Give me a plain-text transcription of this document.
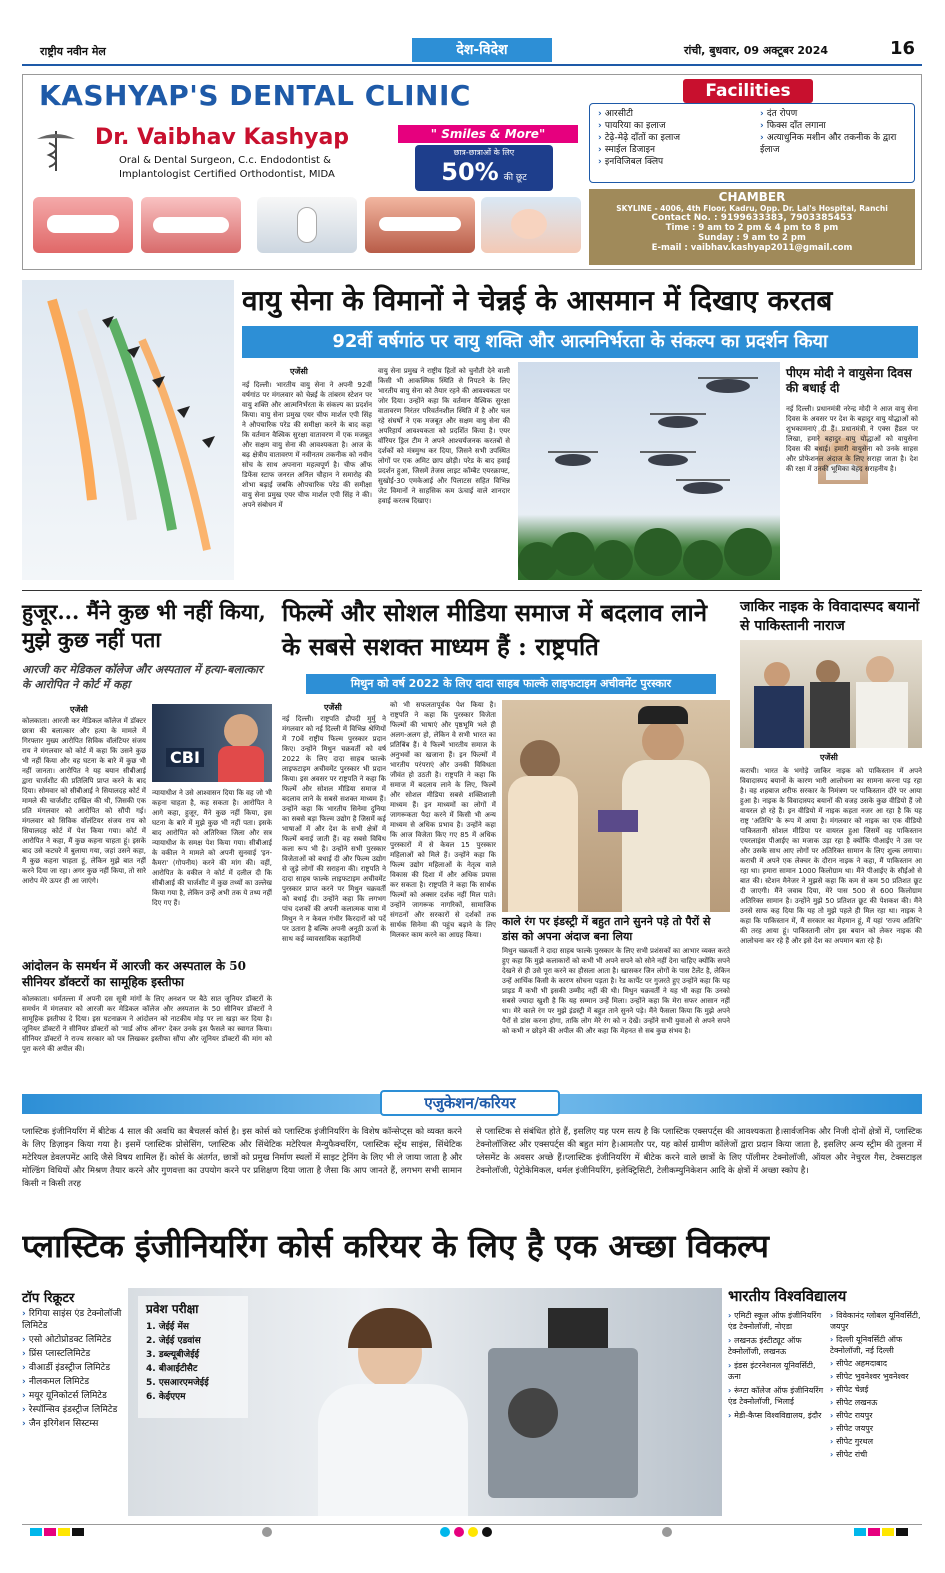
राष्ट्रीय नवीन मेल	देश-विदेश	रांची, बुधवार, 09 अक्टूबर 2024	16
KASHYAP'S DENTAL CLINIC
Dr. Vaibhav Kashyap
Oral & Dental Surgeon, C.c. Endodontist &
Implantologist Certified Orthodontist, MIDA
" Smiles & More"
छात्र-छात्राओं के लिए
50% की छूट
Facilities
› आरसीटी
› पायरिया का इलाज
› टेढ़े-मेढ़े दाँतों का इलाज
› स्माईल डिजाइन
› इनविजिबल क्लिप
› दंत रोपण
› फिक्स दाँत लगाना
› अत्याधुनिक मशीन और तकनीक के द्वारा ईलाज
CHAMBER
SKYLINE - 4006, 4th Floor, Kadru, Opp. Dr. Lal's Hospital, Ranchi
Contact No. : 9199633383, 7903385453
Time : 9 am to 2 pm & 4 pm to 8 pm
Sunday : 9 am to 2 pm
E-mail : vaibhav.kashyap2011@gmail.com
वायु सेना के विमानों ने चेन्नई के आसमान में दिखाए करतब
92वीं वर्षगांठ पर वायु शक्ति और आत्मनिर्भरता के संकल्प का प्रदर्शन किया
एजेंसी
नई दिल्ली। भारतीय वायु सेना ने अपनी 92वीं वर्षगांठ पर मंगलवार को चेन्नई के तांबरम स्टेशन पर वायु शक्ति और आत्मनिर्भरता के संकल्प का प्रदर्शन किया। वायु सेना प्रमुख एयर चीफ मार्शल एपी सिंह ने औपचारिक परेड की समीक्षा करने के बाद कहा कि वर्तमान वैश्विक सुरक्षा वातावरण में एक मजबूत और सक्षम वायु सेना की आवश्यकता है। आज के बढ़ क्षेत्रीय वातावरण में नवीनतम तकनीक को नवीन सोच के साथ अपनाना महत्वपूर्ण है। चीफ ऑफ डिफेंस स्टाफ जनरल अनिल चौहान ने समारोह की शोभा बढ़ाई जबकि औपचारिक परेड की समीक्षा वायु सेना प्रमुख एयर चीफ मार्शल एपी सिंह ने की। अपने संबोधन में
वायु सेना प्रमुख ने राष्ट्रीय हितों को चुनौती देने वाली किसी भी आकस्मिक स्थिति से निपटने के लिए भारतीय वायु सेना को तैयार रहने की आवश्यकता पर जोर दिया। उन्होंने कहा कि वर्तमान वैश्विक सुरक्षा वातावरण निरंतर परिवर्तनशील स्थिति में है और चल रहे संघर्षों ने एक मजबूत और सक्षम वायु सेना की अपरिहार्य आवश्यकता को प्रदर्शित किया है। एयर वॉरियर ड्रिल टीम ने अपने आश्चर्यजनक करतबों से दर्शकों को मंत्रमुग्ध कर दिया, जिसने सभी उपस्थित लोगों पर एक अमिट छाप छोड़ी। परेड के बाद हवाई प्रदर्शन हुआ, जिसमें तेजस लाइट कॉम्बैट एयरक्राफ्ट, सुखोई-30 एमकेआई और पिलाटस सहित विभिन्न जेट विमानों ने साहसिक कम ऊंचाई वाले शानदार हवाई करतब दिखाए।
पीएम मोदी ने वायुसेना दिवस की बधाई दी
नई दिल्ली। प्रधानमंत्री नरेन्द्र मोदी ने आज वायु सेना दिवस के अवसर पर देश के बहादुर वायु योद्धाओं को शुभकामनाएं दी हैं। प्रधानमंत्री ने एक्स हैंडल पर लिखा, हमारे बहादुर वायु योद्धाओं को वायुसेना दिवस की बधाई। हमारी वायुसेना को उनके साहस और प्रोफेशनल अंदाज के लिए सराहा जाता है। देश की रक्षा में उनकी भूमिका बेहद सराहनीय है।
हुजूर... मैंने कुछ भी नहीं किया, मुझे कुछ नहीं पता
आरजी कर मेडिकल कॉलेज और अस्पताल में हत्या-बलात्कार के आरोपित ने कोर्ट में कहा
एजेंसी
कोलकाता। आरजी कर मेडिकल कॉलेज में डॉक्टर छात्रा की बलात्कार और हत्या के मामले में गिरफ्तार मुख्य आरोपित सिविक वॉलंटियर संजय राय ने मंगलवार को कोर्ट में कहा कि उसने कुछ भी नहीं किया और वह घटना के बारे में कुछ भी नहीं जानता। आरोपित ने यह बयान सीबीआई द्वारा चार्जशीट की प्रतिलिपि प्राप्त करने के बाद दिया। सोमवार को सीबीआई ने सियालदह कोर्ट में मामले की चार्जशीट दाखिल की थी, जिसकी एक प्रति मंगलवार को आरोपित को सौंपी गई। मंगलवार को सिविक वॉलंटियर संजय राय को सियालदह कोर्ट में पेश किया गया। कोर्ट में आरोपित ने कहा, मैं कुछ कहना चाहता हूं। इसके बाद उसे कटघरे में बुलाया गया, जहां उसने कहा, मैं कुछ कहना चाहता हूं, लेकिन मुझे बात नहीं करने दिया जा रहा। अगर कुछ नहीं किया, तो सारे आरोप मेरे ऊपर ही आ जाएंगे।
CBI
न्यायाधीश ने उसे आश्वासन दिया कि वह जो भी कहना चाहता है, कह सकता है। आरोपित ने आगे कहा, हुजूर, मैंने कुछ नहीं किया, इस घटना के बारे में मुझे कुछ भी नहीं पता। इसके बाद आरोपित को अतिरिक्त जिला और सत्र न्यायाधीश के समक्ष पेश किया गया। सीबीआई के वकील ने मामले को अपनी सुनवाई 'इन-कैमरा' (गोपनीय) करने की मांग की। वहीं, आरोपित के वकील ने कोर्ट में दलील दी कि सीबीआई की चार्जशीट में कुछ तथ्यों का उल्लेख किया गया है, लेकिन उन्हें अभी तक ये तथ्य नहीं दिए गए हैं।
आंदोलन के समर्थन में आरजी कर अस्पताल के 50 सीनियर डॉक्टरों का सामूहिक इस्तीफा
कोलकाता। धर्मतल्ला में अपनी दस सूत्री मांगों के लिए अनशन पर बैठे सात जूनियर डॉक्टरों के समर्थन में मंगलवार को आरजी कर मेडिकल कॉलेज और अस्पताल के 50 सीनियर डॉक्टरों ने सामूहिक इस्तीफा दे दिया। इस घटनाक्रम ने आंदोलन को नाटकीय मोड़ पर ला खड़ा कर दिया है। जूनियर डॉक्टरों ने सीनियर डॉक्टरों को 'मार्ड ऑफ ऑनर' देकर उनके इस फैसले का स्वागत किया। सीनियर डॉक्टरों ने राज्य सरकार को पत्र लिखकर इस्तीफा सौंपा और जूनियर डॉक्टरों की मांग को पूरा करने की अपील की।
फिल्में और सोशल मीडिया समाज में बदलाव लाने के सबसे सशक्त माध्यम हैं : राष्ट्रपति
मिथुन को वर्ष 2022 के लिए दादा साहब फाल्के लाइफटाइम अचीवमेंट पुरस्कार
एजेंसी
नई दिल्ली। राष्ट्रपति द्रौपदी मुर्मु ने मंगलवार को नई दिल्ली में विभिन्न श्रेणियों में 70वें राष्ट्रीय फिल्म पुरस्कार प्रदान किए। उन्होंने मिथुन चक्रवर्ती को वर्ष 2022 के लिए दादा साहब फाल्के लाइफटाइम अचीवमेंट पुरस्कार भी प्रदान किया। इस अवसर पर राष्ट्रपति ने कहा कि फिल्में और सोशल मीडिया समाज में बदलाव लाने के सबसे सशक्त माध्यम हैं। उन्होंने कहा कि भारतीय सिनेमा दुनिया का सबसे बड़ा फिल्म उद्योग है जिसमें कई भाषाओं में और देश के सभी क्षेत्रों में फिल्में बनाई जाती हैं। वह सबसे विविध कला रूप भी है। उन्होंने सभी पुरस्कार विजेताओं को बधाई दी और फिल्म उद्योग से जुड़े लोगों की सराहना की। राष्ट्रपति ने दादा साहब फाल्के लाइफटाइम अचीवमेंट पुरस्कार प्राप्त करने पर मिथुन चक्रवर्ती को बधाई दी। उन्होंने कहा कि लगभग पांच दशकों की अपनी कलात्मक यात्रा में मिथुन ने न केवल गंभीर किरदारों को पर्दे पर उतारा है बल्कि अपनी अनूठी ऊर्जा के साथ कई व्यावसायिक कहानियों
को भी सफलतापूर्वक पेश किया है। राष्ट्रपति ने कहा कि पुरस्कार विजेता फिल्मों की भाषाएं और पृष्ठभूमि भले ही अलग-अलग हो, लेकिन वे सभी भारत का प्रतिबिंब हैं। ये फिल्में भारतीय समाज के अनुभवों का खजाना हैं। इन फिल्मों में भारतीय परंपराएं और उनकी विविधता जीवंत हो उठती है। राष्ट्रपति ने कहा कि समाज में बदलाव लाने के लिए, फिल्में और सोशल मीडिया सबसे शक्तिशाली माध्यम हैं। इन माध्यमों का लोगों में जागरूकता पैदा करने में किसी भी अन्य माध्यम से अधिक प्रभाव है। उन्होंने कहा कि आज विजेता किए गए 85 में अधिक पुरस्कारों में से केवल 15 पुरस्कार महिलाओं को मिले हैं। उन्होंने कहा कि फिल्म उद्योग महिलाओं के नेतृत्व वाले विकास की दिशा में और अधिक प्रयास कर सकता है। राष्ट्रपति ने कहा कि सार्थक फिल्मों को अक्सर दर्शक नहीं मिल पाते। उन्होंने जागरूक नागरिकों, सामाजिक संगठनों और सरकारों से दर्शकों तक सार्थक सिनेमा की पहुंच बढ़ाने के लिए मिलकर काम करने का आग्रह किया।
काले रंग पर इंडस्ट्री में बहुत ताने सुनने पड़े तो पैरों से डांस को अपना अंदाज बना लिया
मिथुन चक्रवर्ती ने दादा साहब फाल्के पुरस्कार के लिए सभी प्रशंसकों का आभार व्यक्त करते हुए कहा कि मुझे कलाकारों को कभी भी अपने सपने को सोने नहीं देना चाहिए क्योंकि सपने देखने से ही उसे पूरा करने का हौसला आता है। खासकर जिन लोगों के पास टैलेंट है, लेकिन उन्हें आर्थिक किसी के कारण सोचना पड़ता है। रेड कार्पेट पर गुजरते हुए उन्होंने कहा कि यह प्राइड मैं कभी भी इसकी उम्मीद नहीं की थी। मिथुन चक्रवर्ती ने यह भी कहा कि उनको सबसे ज्यादा खुशी है कि यह सम्मान उन्हें मिला। उन्होंने कहा कि मेरा सफर आसान नहीं था। मेरे काले रंग पर मुझे इंडस्ट्री में बहुत ताने सुनने पड़े। मैंने फैसला किया कि मुझे अपने पैरों से डांस करना होगा, ताकि लोग मेरे रंग को न देखें। उन्होंने सभी युवाओं से अपने सपने को कभी न छोड़ने की अपील की और कहा कि मेहनत से सब कुछ संभव है।
जाकिर नाइक के विवादास्पद बयानों से पाकिस्तानी नाराज
एजेंसी
कराची। भारत के भगोड़े जाकिर नाइक को पाकिस्तान में अपने विवादास्पद बयानों के कारण भारी आलोचना का सामना करना पड़ रहा है। वह शहबाज शरीफ सरकार के निमंत्रण पर पाकिस्तान दौरे पर आया हुआ है। नाइक के विवादास्पद बयानों की वजह उसके कुछ वीडियो हैं जो वायरल हो रहे हैं। इन वीडियो में नाइक कहता नजर आ रहा है कि यह राष्ट्र 'अतिथि' के रूप में आया है। मंगलवार को नाइक का एक वीडियो पाकिस्तानी सोशल मीडिया पर वायरल हुआ जिसमें वह पाकिस्तान एयरलाइंस पीआईए का मजाक उड़ा रहा है क्योंकि पीआईए ने उस पर और उसके साथ आए लोगों पर अतिरिक्त सामान के लिए शुल्क लगाया। कराची में अपने एक लेक्चर के दौरान नाइक ने कहा, मैं पाकिस्तान आ रहा था। हमारा सामान 1000 किलोग्राम था। मैंने पीआईए के सीईओ से बात की। स्टेशन मैनेजर ने मुझसे कहा कि कम से कम 50 प्रतिशत छूट दी जाएगी। मैंने जवाब दिया, मेरे पास 500 से 600 किलोग्राम अतिरिक्त सामान है। उन्होंने मुझे 50 प्रतिशत छूट की पेशकश की। मैंने उनसे साफ कह दिया कि यह तो मुझे पहले ही मिल रहा था। नाइक ने कहा कि पाकिस्तान में, मैं सरकार का मेहमान हूं, मैं यहां 'राज्य अतिथि' की तरह आया हूं। पाकिस्तानी लोग इस बयान को लेकर नाइक की आलोचना कर रहे हैं और इसे देश का अपमान बता रहे हैं।
एजुकेशन/करियर
प्लास्टिक इंजीनियरिंग में बीटेक 4 साल की अवधि का बैचलर्स कोर्स है। इस कोर्स को प्लास्टिक इंजीनियरिंग के विशेष कॉन्सेप्ट्स को व्यक्त करने के लिए डिज़ाइन किया गया है। इसमें प्लास्टिक प्रोसेसिंग, प्लास्टिक और सिंथेटिक मटेरियल मैन्युफैक्चरिंग, प्लास्टिक स्ट्रेंथ साइंस, सिंथेटिक मटेरियल डेवलपमेंट आदि जैसे विषय शामिल हैं। कोर्स के अंतर्गत, छात्रों को प्रमुख निर्माण स्थलों में साइट ट्रेनिंग के लिए भी ले जाया जाता है और मोल्डिंग विधियों और मिश्रण तैयार करने और गुणवत्ता का उपयोग करने पर प्रशिक्षण दिया जाता है जैसा कि आप जानते हैं, लगभग सभी सामान किसी न किसी तरह
से प्लास्टिक से संबंधित होते हैं, इसलिए यह परम सत्य है कि प्लास्टिक एक्सपर्ट्स की आवश्यकता है।सार्वजनिक और निजी दोनों क्षेत्रों में, प्लास्टिक टेक्नोलॉजिस्ट और एक्सपर्ट्स की बहुत मांग है।आमतौर पर, यह कोर्स ग्रामीण कॉलेजों द्वारा प्रदान किया जाता है, इसलिए अन्य स्ट्रीम की तुलना में प्लेसमेंट के अवसर अच्छे हैं।प्लास्टिक इंजीनियरिंग में बीटेक करने वाले छात्रों के लिए पॉलीमर टेक्नोलॉजी, ऑयल और नेचुरल गैस, टेक्सटाइल टेक्नोलॉजी, पेट्रोकेमिकल, थर्मल इंजीनियरिंग, इलेक्ट्रिसिटी, टेलीकम्युनिकेशन आदि के क्षेत्रों में अच्छा स्कोप है।
प्लास्टिक इंजीनियरिंग कोर्स करियर के लिए है एक अच्छा विकल्प
टॉप रिक्रूटर
› रिगिया साइंस एंड टेक्नोलॉजी लिमिटेड
› एसो ओटोप्रोडक्ट लिमिटेड
› प्रिंस प्लास्टलिमिटेड
› वीआर्डी इंडस्ट्रीज लिमिटेड
› नीलकमल लिमिटेड
› मयूर यूनिकोटर्स लिमिटेड
› रेस्पॉन्सिव इंडस्ट्रीज लिमिटेड
› जैन इरिगेशन सिस्टम्स
प्रवेश परीक्षा
1. जेईई मेंस
2. जेईई एडवांस
3. डब्ल्यूबीजेईई
4. बीआईटीसैट
5. एसआरएमजेईई
6. केईएएम
भारतीय विश्वविद्यालय
› एमिटी स्कूल ऑफ इंजीनियरिंग एंड टेक्नोलॉजी, नोएडा
› लखनऊ इंस्टीट्यूट ऑफ टेक्नोलॉजी, लखनऊ
› इंडस इंटरनेशनल यूनिवर्सिटी, ऊना
› रूंग्टा कॉलेज ऑफ इंजीनियरिंग एंड टेक्नोलॉजी, भिलाई
› मेडी-कैप्स विश्वविद्यालय, इंदौर
› विवेकानंद ग्लोबल यूनिवर्सिटी, जयपुर
› दिल्ली यूनिवर्सिटी ऑफ टेक्नोलॉजी, नई दिल्ली
› सीपेट अहमदाबाद
› सीपेट भुवनेश्वर भुवनेश्वर
› सीपेट चेन्नई
› सीपेट लखनऊ
› सीपेट रायपुर
› सीपेट जयपुर
› सीपेट गुरथल
› सीपेट रांची
